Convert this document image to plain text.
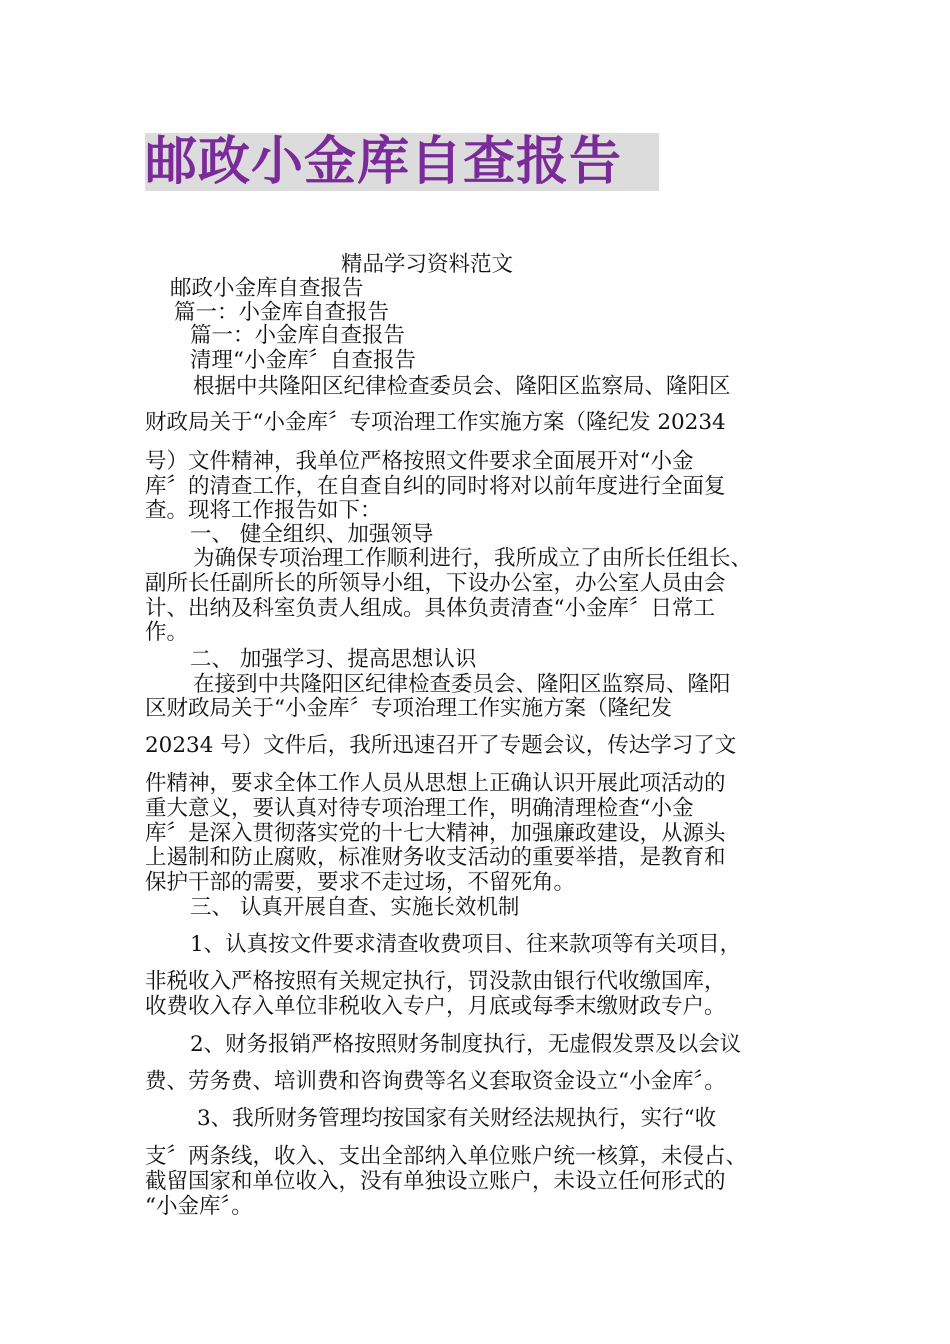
邮政小金库自查报告
精品学习资料范文
邮政小金库自查报告
篇一：小金库自查报告
篇一：小金库自查报告
清理“小金库〞自查报告
根据中共隆阳区纪律检查委员会、隆阳区监察局、隆阳区
财政局关于“小金库〞专项治理工作实施方案（隆纪发 20234
号）文件精神，我单位严格按照文件要求全面展开对“小金
库〞的清查工作，在自查自纠的同时将对以前年度进行全面复
查。现将工作报告如下：
一、 健全组织、加强领导
为确保专项治理工作顺利进行，我所成立了由所长任组长、
副所长任副所长的所领导小组，下设办公室，办公室人员由会
计、出纳及科室负责人组成。具体负责清查“小金库〞日常工
作。
二、 加强学习、提高思想认识
在接到中共隆阳区纪律检查委员会、隆阳区监察局、隆阳
区财政局关于“小金库〞专项治理工作实施方案（隆纪发
20234 号）文件后，我所迅速召开了专题会议，传达学习了文
件精神，要求全体工作人员从思想上正确认识开展此项活动的
重大意义，要认真对待专项治理工作，明确清理检查“小金
库〞是深入贯彻落实党的十七大精神，加强廉政建设，从源头
上遏制和防止腐败，标准财务收支活动的重要举措，是教育和
保护干部的需要，要求不走过场，不留死角。
三、 认真开展自查、实施长效机制
1、认真按文件要求清查收费项目、往来款项等有关项目，
非税收入严格按照有关规定执行，罚没款由银行代收缴国库，
收费收入存入单位非税收入专户，月底或每季末缴财政专户。
2、财务报销严格按照财务制度执行，无虚假发票及以会议
费、劳务费、培训费和咨询费等名义套取资金设立“小金库〞。
3、我所财务管理均按国家有关财经法规执行，实行“收
支〞两条线，收入、支出全部纳入单位账户统一核算，未侵占、
截留国家和单位收入，没有单独设立账户，未设立任何形式的
“小金库〞。
